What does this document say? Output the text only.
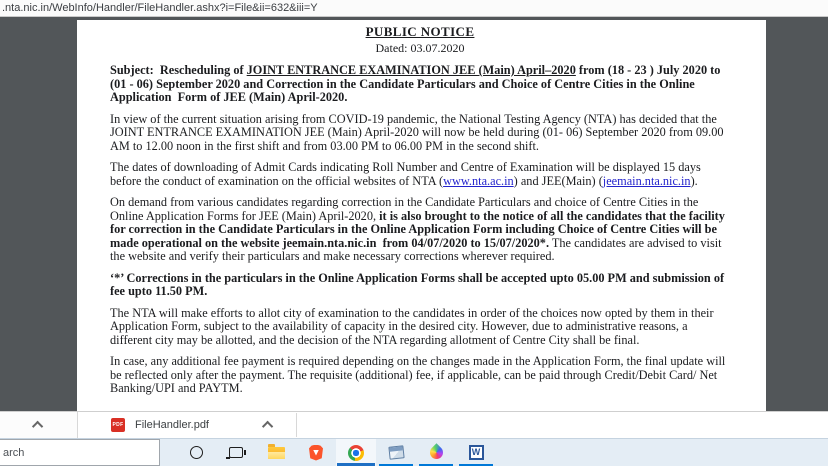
.nta.nic.in/WebInfo/Handler/FileHandler.ashx?i=File&ii=632&iii=Y
PUBLIC NOTICE
Dated: 03.07.2020
Subject:  Rescheduling of JOINT ENTRANCE EXAMINATION JEE (Main) April–2020 from (18 - 23 ) July 2020 to  (01 - 06) September 2020 and Correction in the Candidate Particulars and Choice of Centre Cities in the Online Application  Form of JEE (Main) April-2020.
In view of the current situation arising from COVID-19 pandemic, the National Testing Agency (NTA) has decided that the JOINT ENTRANCE EXAMINATION JEE (Main) April-2020 will now be held during (01- 06) September 2020 from 09.00 AM to 12.00 noon in the first shift and from 03.00 PM to 06.00 PM in the second shift.
The dates of downloading of Admit Cards indicating Roll Number and Centre of Examination will be displayed 15 days before the conduct of examination on the official websites of NTA (www.nta.ac.in) and JEE(Main) (jeemain.nta.nic.in).
On demand from various candidates regarding correction in the Candidate Particulars and choice of Centre Cities in the Online Application Forms for JEE (Main) April-2020, it is also brought to the notice of all the candidates that the facility for correction in the Candidate Particulars in the Online Application Form including Choice of Centre Cities will be made operational on the website jeemain.nta.nic.in  from 04/07/2020 to 15/07/2020*. The candidates are advised to visit the website and verify their particulars and make necessary corrections wherever required.
‘*’ Corrections in the particulars in the Online Application Forms shall be accepted upto 05.00 PM and submission of fee upto 11.50 PM.
The NTA will make efforts to allot city of examination to the candidates in order of the choices now opted by them in their Application Form, subject to the availability of capacity in the desired city. However, due to administrative reasons, a different city may be allotted, and the decision of the NTA regarding allotment of Centre City shall be final.
In case, any additional fee payment is required depending on the changes made in the Application Form, the final update will be reflected only after the payment. The requisite (additional) fee, if applicable, can be paid through Credit/Debit Card/ Net Banking/UPI and PAYTM.
PDF FileHandler.pdf
arch	W
